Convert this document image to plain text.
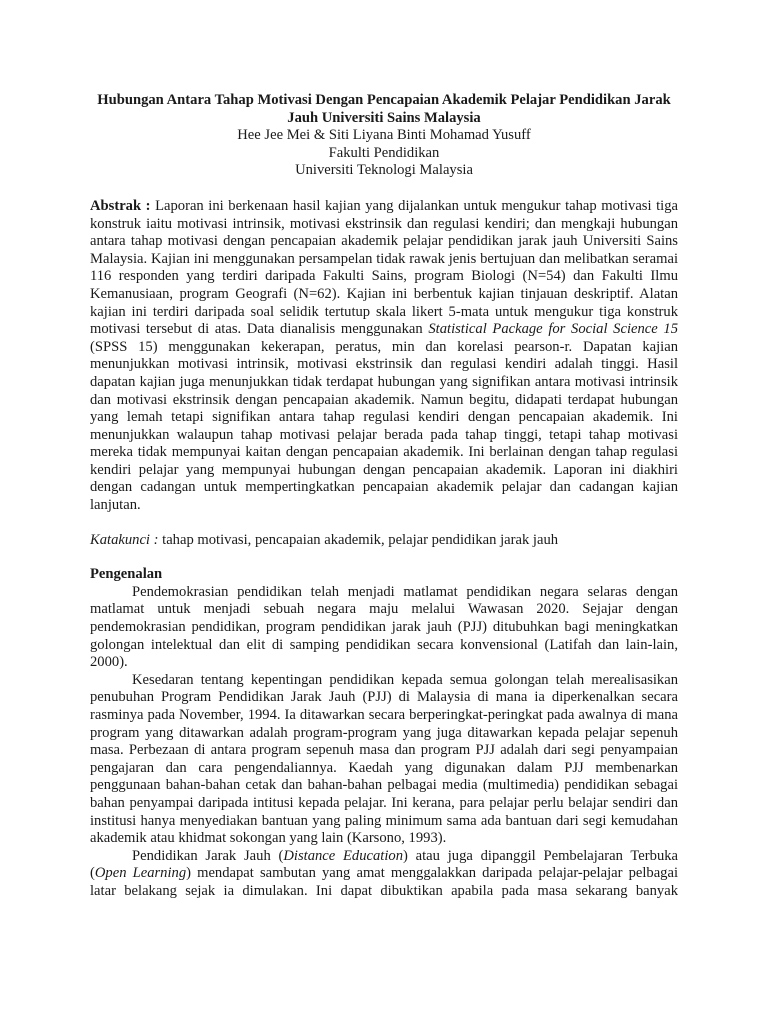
Hubungan Antara Tahap Motivasi Dengan Pencapaian Akademik Pelajar Pendidikan Jarak Jauh Universiti Sains Malaysia

Hee Jee Mei & Siti Liyana Binti Mohamad Yusuff

Fakulti Pendidikan

Universiti Teknologi Malaysia

Abstrak : Laporan ini berkenaan hasil kajian yang dijalankan untuk mengukur tahap motivasi tiga konstruk iaitu motivasi intrinsik, motivasi ekstrinsik dan regulasi kendiri; dan mengkaji hubungan antara tahap motivasi dengan pencapaian akademik pelajar pendidikan jarak jauh Universiti Sains Malaysia. Kajian ini menggunakan persampelan tidak rawak jenis bertujuan dan melibatkan seramai 116 responden yang terdiri daripada Fakulti Sains, program Biologi (N=54) dan Fakulti Ilmu Kemanusiaan, program Geografi (N=62). Kajian ini berbentuk kajian tinjauan deskriptif. Alatan kajian ini terdiri daripada soal selidik tertutup skala likert 5-mata untuk mengukur tiga konstruk motivasi tersebut di atas. Data dianalisis menggunakan Statistical Package for Social Science 15 (SPSS 15) menggunakan kekerapan, peratus, min dan korelasi pearson-r. Dapatan kajian menunjukkan motivasi intrinsik, motivasi ekstrinsik dan regulasi kendiri adalah tinggi. Hasil dapatan kajian juga menunjukkan tidak terdapat hubungan yang signifikan antara motivasi intrinsik dan motivasi ekstrinsik dengan pencapaian akademik. Namun begitu, didapati terdapat hubungan yang lemah tetapi signifikan antara tahap regulasi kendiri dengan pencapaian akademik. Ini menunjukkan walaupun tahap motivasi pelajar berada pada tahap tinggi, tetapi tahap motivasi mereka tidak mempunyai kaitan dengan pencapaian akademik. Ini berlainan dengan tahap regulasi kendiri pelajar yang mempunyai hubungan dengan pencapaian akademik. Laporan ini diakhiri dengan cadangan untuk mempertingkatkan pencapaian akademik pelajar dan cadangan kajian lanjutan.
Katakunci : tahap motivasi, pencapaian akademik, pelajar pendidikan jarak jauh
Pengenalan

Pendemokrasian pendidikan telah menjadi matlamat pendidikan negara selaras dengan matlamat untuk menjadi sebuah negara maju melalui Wawasan 2020. Sejajar dengan pendemokrasian pendidikan, program pendidikan jarak jauh (PJJ) ditubuhkan bagi meningkatkan golongan intelektual dan elit di samping pendidikan secara konvensional (Latifah dan lain-lain, 2000).

Kesedaran tentang kepentingan pendidikan kepada semua golongan telah merealisasikan penubuhan Program Pendidikan Jarak Jauh (PJJ) di Malaysia di mana ia diperkenalkan secara rasminya pada November, 1994. Ia ditawarkan secara berperingkat-peringkat pada awalnya di mana program yang ditawarkan adalah program-program yang juga ditawarkan kepada pelajar sepenuh masa. Perbezaan di antara program sepenuh masa dan program PJJ adalah dari segi penyampaian pengajaran dan cara pengendaliannya. Kaedah yang digunakan dalam PJJ membenarkan penggunaan bahan-bahan cetak dan bahan-bahan pelbagai media (multimedia) pendidikan sebagai bahan penyampai daripada intitusi kepada pelajar. Ini kerana, para pelajar perlu belajar sendiri dan institusi hanya menyediakan bantuan yang paling minimum sama ada bantuan dari segi kemudahan akademik atau khidmat sokongan yang lain (Karsono, 1993).

Pendidikan Jarak Jauh (Distance Education) atau juga dipanggil Pembelajaran Terbuka (Open Learning) mendapat sambutan yang amat menggalakkan daripada pelajar-pelajar pelbagai latar belakang sejak ia dimulakan. Ini dapat dibuktikan apabila pada masa sekarang banyak
